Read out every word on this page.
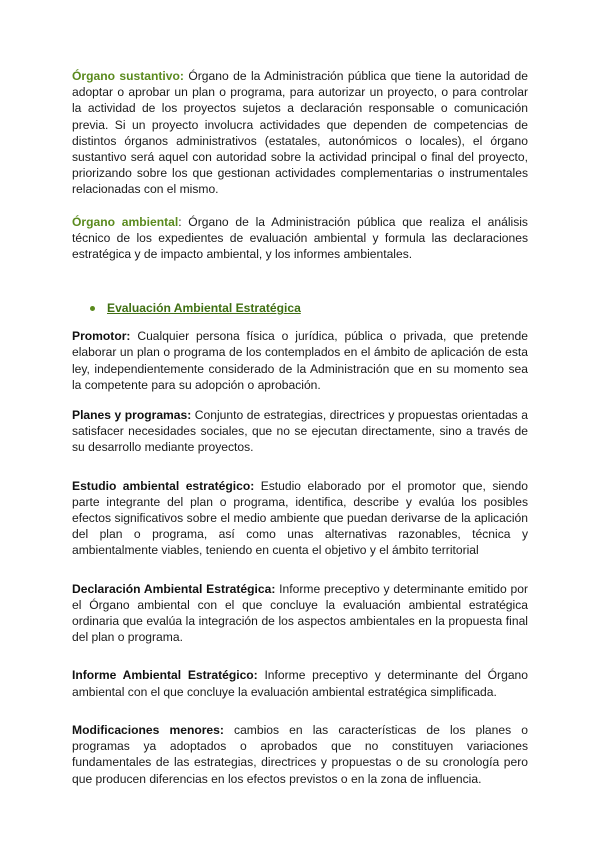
Órgano sustantivo: Órgano de la Administración pública que tiene la autoridad de adoptar o aprobar un plan o programa, para autorizar un proyecto, o para controlar la actividad de los proyectos sujetos a declaración responsable o comunicación previa. Si un proyecto involucra actividades que dependen de competencias de distintos órganos administrativos (estatales, autonómicos o locales), el órgano sustantivo será aquel con autoridad sobre la actividad principal o final del proyecto, priorizando sobre los que gestionan actividades complementarias o instrumentales relacionadas con el mismo.

Órgano ambiental: Órgano de la Administración pública que realiza el análisis técnico de los expedientes de evaluación ambiental y formula las declaraciones estratégica y de impacto ambiental, y los informes ambientales.

Evaluación Ambiental Estratégica

Promotor: Cualquier persona física o jurídica, pública o privada, que pretende elaborar un plan o programa de los contemplados en el ámbito de aplicación de esta ley, independientemente considerado de la Administración que en su momento sea la competente para su adopción o aprobación.

Planes y programas: Conjunto de estrategias, directrices y propuestas orientadas a satisfacer necesidades sociales, que no se ejecutan directamente, sino a través de su desarrollo mediante proyectos.

Estudio ambiental estratégico: Estudio elaborado por el promotor que, siendo parte integrante del plan o programa, identifica, describe y evalúa los posibles efectos significativos sobre el medio ambiente que puedan derivarse de la aplicación del plan o programa, así como unas alternativas razonables, técnica y ambientalmente viables, teniendo en cuenta el objetivo y el ámbito territorial

Declaración Ambiental Estratégica: Informe preceptivo y determinante emitido por el Órgano ambiental con el que concluye la evaluación ambiental estratégica ordinaria que evalúa la integración de los aspectos ambientales en la propuesta final del plan o programa.

Informe Ambiental Estratégico: Informe preceptivo y determinante del Órgano ambiental con el que concluye la evaluación ambiental estratégica simplificada.

Modificaciones menores: cambios en las características de los planes o programas ya adoptados o aprobados que no constituyen variaciones fundamentales de las estrategias, directrices y propuestas o de su cronología pero que producen diferencias en los efectos previstos o en la zona de influencia.
